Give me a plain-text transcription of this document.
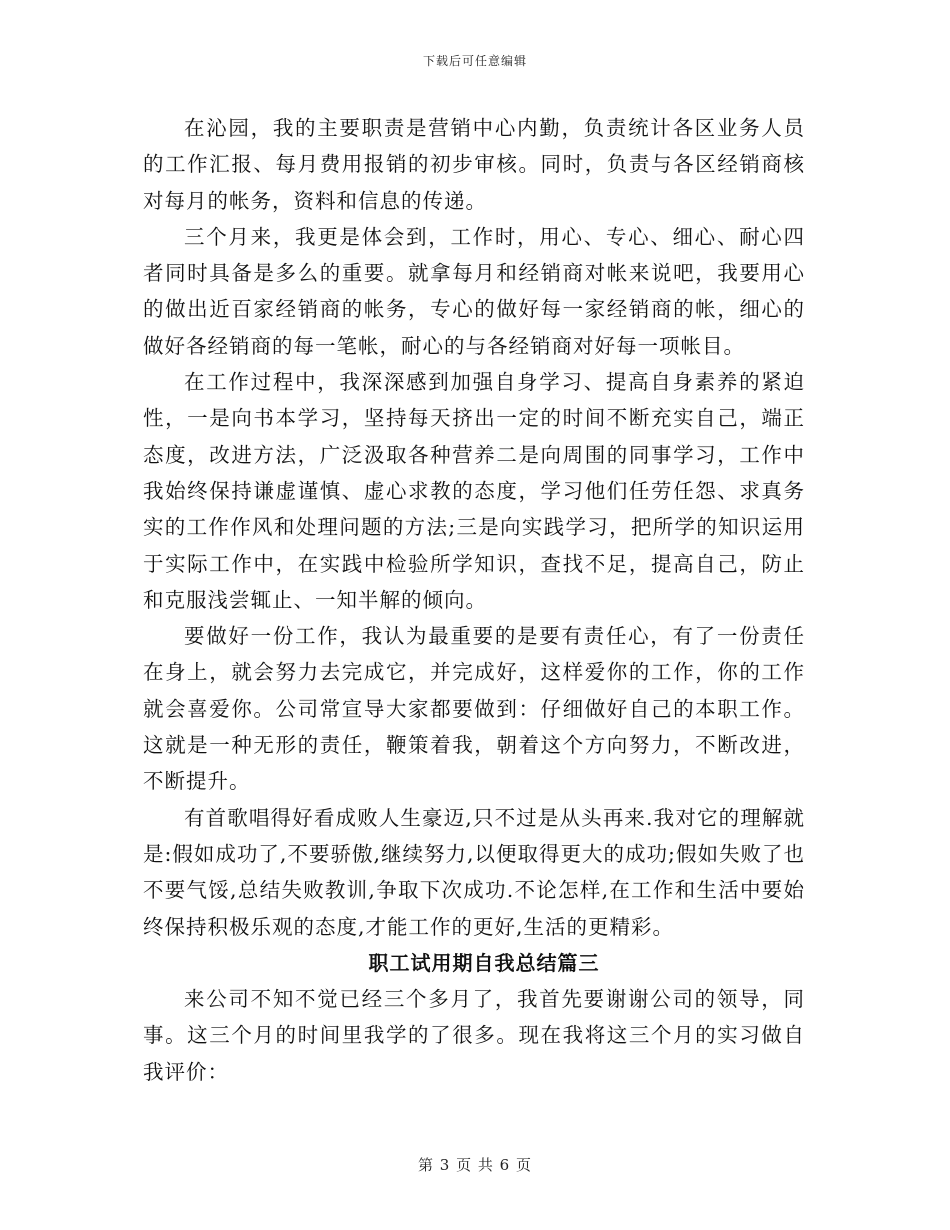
下载后可任意编辑

在沁园，我的主要职责是营销中心内勤，负责统计各区业务人员的工作汇报、每月费用报销的初步审核。同时，负责与各区经销商核对每月的帐务，资料和信息的传递。

三个月来，我更是体会到，工作时，用心、专心、细心、耐心四者同时具备是多么的重要。就拿每月和经销商对帐来说吧，我要用心的做出近百家经销商的帐务，专心的做好每一家经销商的帐，细心的做好各经销商的每一笔帐，耐心的与各经销商对好每一项帐目。

在工作过程中，我深深感到加强自身学习、提高自身素养的紧迫性，一是向书本学习，坚持每天挤出一定的时间不断充实自己，端正态度，改进方法，广泛汲取各种营养二是向周围的同事学习，工作中我始终保持谦虚谨慎、虚心求教的态度，学习他们任劳任怨、求真务实的工作作风和处理问题的方法;三是向实践学习，把所学的知识运用于实际工作中，在实践中检验所学知识，查找不足，提高自己，防止和克服浅尝辄止、一知半解的倾向。

要做好一份工作，我认为最重要的是要有责任心，有了一份责任在身上，就会努力去完成它，并完成好，这样爱你的工作，你的工作就会喜爱你。公司常宣导大家都要做到：仔细做好自己的本职工作。这就是一种无形的责任，鞭策着我，朝着这个方向努力，不断改进，不断提升。

有首歌唱得好看成败人生豪迈,只不过是从头再来.我对它的理解就是:假如成功了,不要骄傲,继续努力,以便取得更大的成功;假如失败了也不要气馁,总结失败教训,争取下次成功.不论怎样,在工作和生活中要始终保持积极乐观的态度,才能工作的更好,生活的更精彩。

职工试用期自我总结篇三

来公司不知不觉已经三个多月了，我首先要谢谢公司的领导，同事。这三个月的时间里我学的了很多。现在我将这三个月的实习做自我评价：

第 3 页 共 6 页
